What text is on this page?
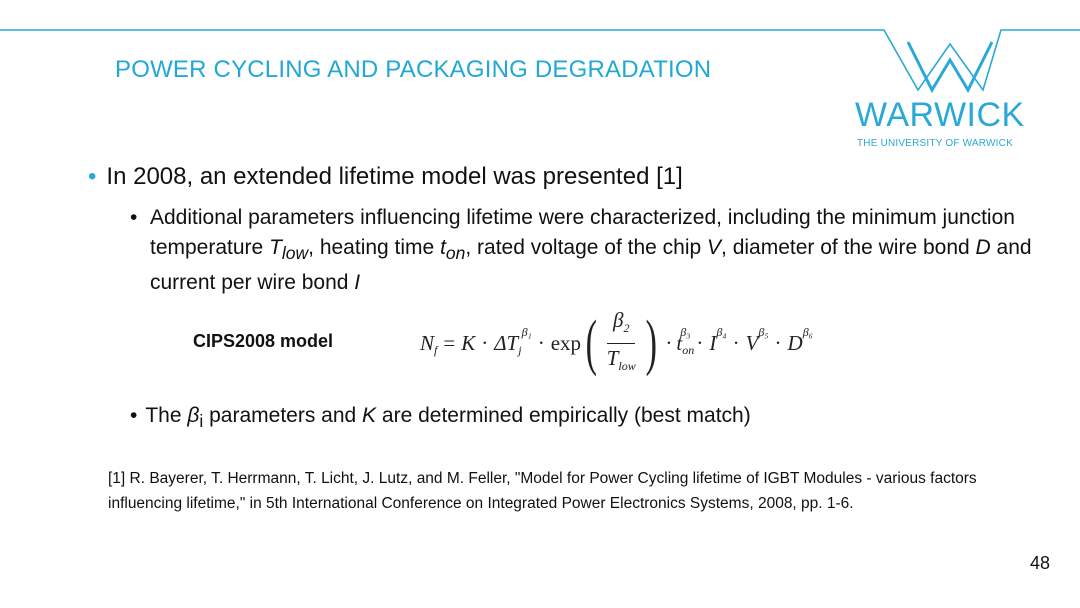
POWER CYCLING AND PACKAGING DEGRADATION
WARWICK
THE UNIVERSITY OF WARWICK
• In 2008, an extended lifetime model was presented [1]
• Additional parameters influencing lifetime were characterized, including the minimum junction temperature $T_{low}$, heating time $t_{on}$, rated voltage of the chip V, diameter of the wire bond D and current per wire bond I
CIPS2008 model	N f = K · ΔT j
β₁ · exp ( $\frac{\beta_2}{T_{low}}$ ) · t on
β₃ · I β₄ · V β₅ · D β₆
• The $\beta_i$ parameters and K are determined empirically (best match)
[1] R. Bayerer, T. Herrmann, T. Licht, J. Lutz, and M. Feller, "Model for Power Cycling lifetime of IGBT Modules - various factors influencing lifetime," in 5th International Conference on Integrated Power Electronics Systems, 2008, pp. 1-6.
48
